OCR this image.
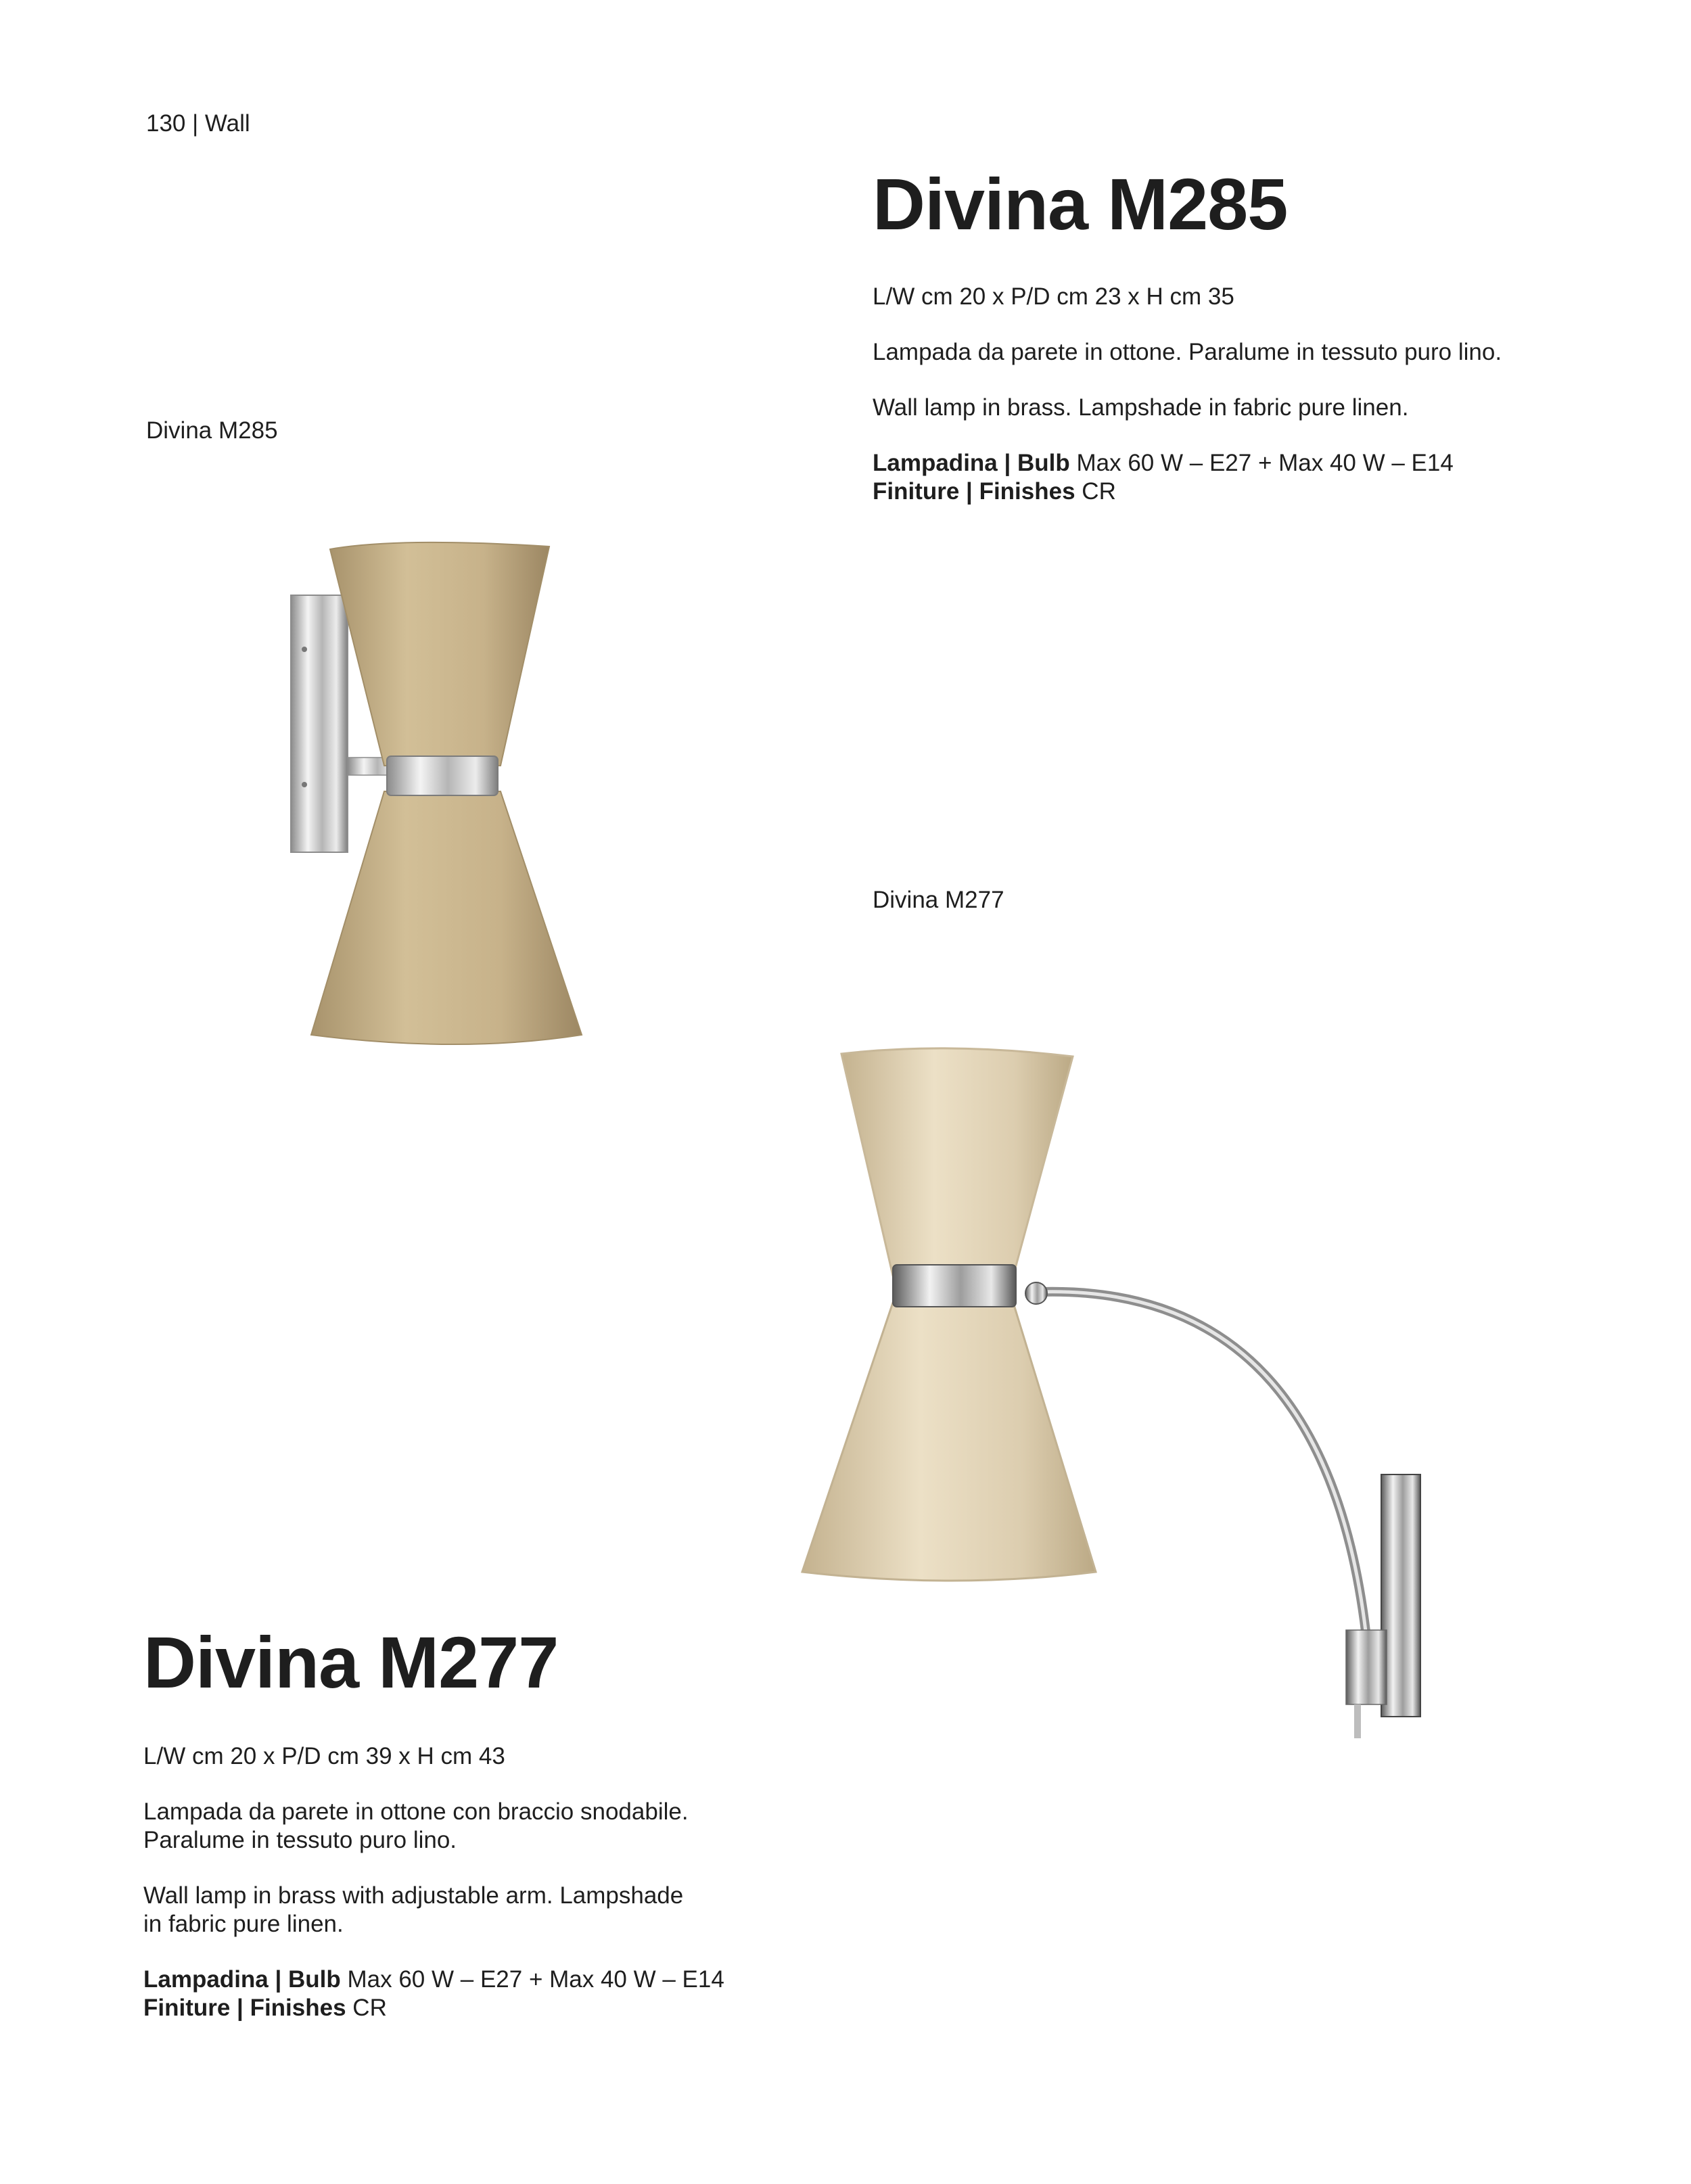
130 | Wall
Divina M285
L/W cm 20 x P/D cm 23 x H cm 35
Lampada da parete in ottone. Paralume in tessuto puro lino.
Wall lamp in brass. Lampshade in fabric pure linen.
Lampadina | Bulb Max 60 W – E27 + Max 40 W – E14
Finiture | Finishes CR
Divina M285
Divina M277
Divina M277
L/W cm 20 x P/D cm 39 x H cm 43
Lampada da parete in ottone con braccio snodabile.
Paralume in tessuto puro lino.
Wall lamp in brass with adjustable arm. Lampshade
in fabric pure linen.
Lampadina | Bulb Max 60 W – E27 + Max 40 W – E14
Finiture | Finishes CR
